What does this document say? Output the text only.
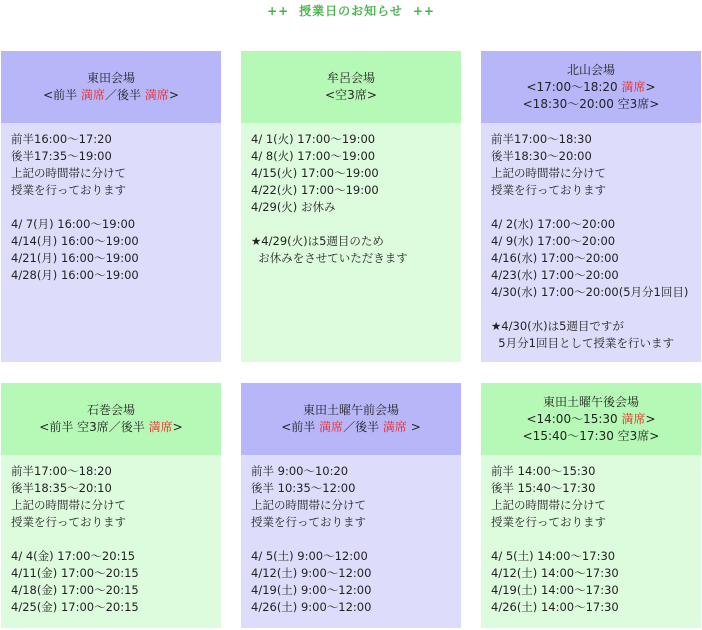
++ 授業日のお知らせ ++
東田会場
<前半 満席／後半 満席>
前半16:00〜17:20
後半17:35〜19:00
上記の時間帯に分けて
授業を行っております
4/ 7(月) 16:00〜19:00
4/14(月) 16:00〜19:00
4/21(月) 16:00〜19:00
4/28(月) 16:00〜19:00
牟呂会場
<空3席>
4/ 1(火) 17:00〜19:00
4/ 8(火) 17:00〜19:00
4/15(火) 17:00〜19:00
4/22(火) 17:00〜19:00
4/29(火) お休み
★4/29(火)は5週目のため
お休みをさせていただきます
北山会場
<17:00〜18:20 満席>
<18:30〜20:00 空3席>
前半17:00〜18:30
後半18:30〜20:00
上記の時間帯に分けて
授業を行っております
4/ 2(水) 17:00〜20:00
4/ 9(水) 17:00〜20:00
4/16(水) 17:00〜20:00
4/23(水) 17:00〜20:00
4/30(水) 17:00〜20:00(5月分1回目)
★4/30(水)は5週目ですが
5月分1回目として授業を行います
石巻会場
<前半 空3席／後半 満席>
前半17:00〜18:20
後半18:35〜20:10
上記の時間帯に分けて
授業を行っております
4/ 4(金) 17:00〜20:15
4/11(金) 17:00〜20:15
4/18(金) 17:00〜20:15
4/25(金) 17:00〜20:15
東田土曜午前会場
<前半 満席／後半 満席 >
前半 9:00〜10:20
後半 10:35〜12:00
上記の時間帯に分けて
授業を行っております
4/ 5(土) 9:00〜12:00
4/12(土) 9:00〜12:00
4/19(土) 9:00〜12:00
4/26(土) 9:00〜12:00
東田土曜午後会場
<14:00〜15:30 満席>
<15:40〜17:30 空3席>
前半 14:00〜15:30
後半 15:40〜17:30
上記の時間帯に分けて
授業を行っております
4/ 5(土) 14:00〜17:30
4/12(土) 14:00〜17:30
4/19(土) 14:00〜17:30
4/26(土) 14:00〜17:30
